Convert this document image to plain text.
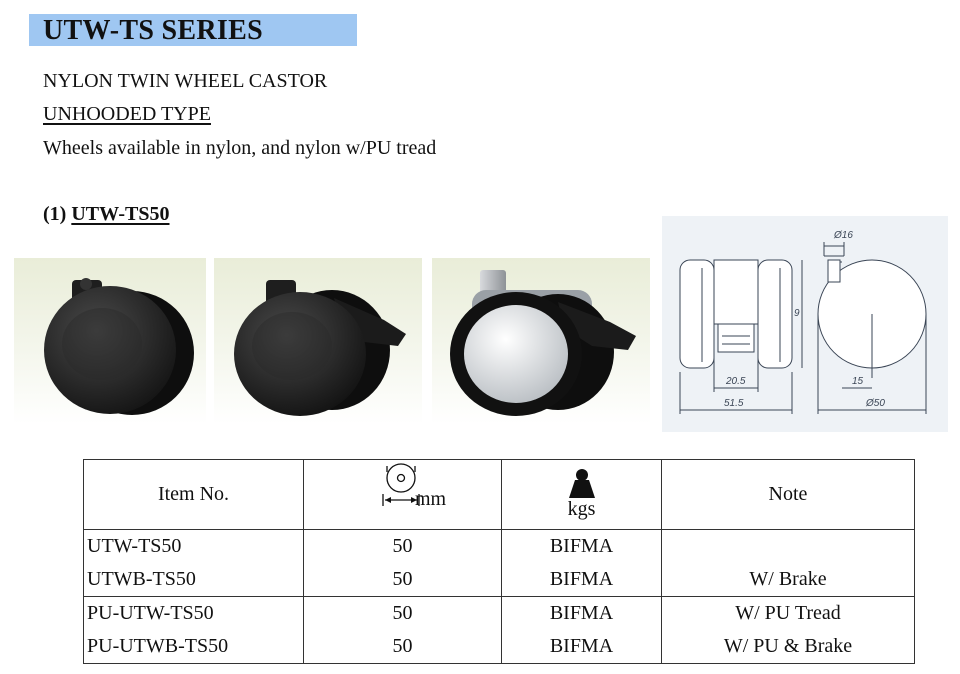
UTW-TS SERIES
NYLON TWIN WHEEL CASTOR
UNHOODED TYPE
Wheels available in nylon, and nylon w/PU tread
(1) UTW-TS50
Ø16
9
20.5
51.5
15
Ø50
Item No.	mm	kgs	Note
UTW-TS50	50	BIFMA	
UTWB-TS50	50	BIFMA	W/ Brake
PU-UTW-TS50	50	BIFMA	W/ PU Tread
PU-UTWB-TS50	50	BIFMA	W/ PU & Brake
